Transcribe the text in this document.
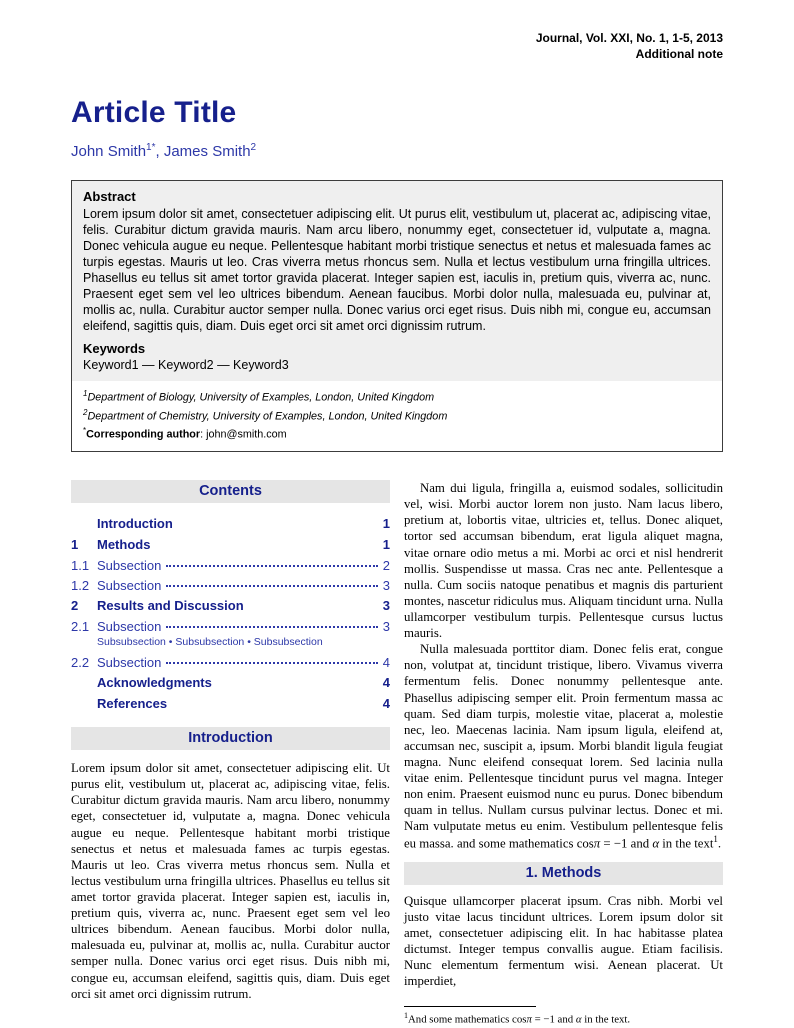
Journal, Vol. XXI, No. 1, 1-5, 2013
Additional note
Article Title
John Smith$^{1*}$, James Smith$^2$
Abstract
Lorem ipsum dolor sit amet, consectetuer adipiscing elit. Ut purus elit, vestibulum ut, placerat ac, adipiscing vitae, felis. Curabitur dictum gravida mauris. Nam arcu libero, nonummy eget, consectetuer id, vulputate a, magna. Donec vehicula augue eu neque. Pellentesque habitant morbi tristique senectus et netus et malesuada fames ac turpis egestas. Mauris ut leo. Cras viverra metus rhoncus sem. Nulla et lectus vestibulum urna fringilla ultrices. Phasellus eu tellus sit amet tortor gravida placerat. Integer sapien est, iaculis in, pretium quis, viverra ac, nunc. Praesent eget sem vel leo ultrices bibendum. Aenean faucibus. Morbi dolor nulla, malesuada eu, pulvinar at, mollis ac, nulla. Curabitur auctor semper nulla. Donec varius orci eget risus. Duis nibh mi, congue eu, accumsan eleifend, sagittis quis, diam. Duis eget orci sit amet orci dignissim rutrum.
Keywords
Keyword1 — Keyword2 — Keyword3
$^1$Department of Biology, University of Examples, London, United Kingdom
$^2$Department of Chemistry, University of Examples, London, United Kingdom
*Corresponding author: john@smith.com
Contents
Introduction	1
1	Methods	1
1.1 Subsection	2
1.2 Subsection	3
2	Results and Discussion	3
2.1 Subsection	3
Subsubsection • Subsubsection • Subsubsection
2.2 Subsection	4
Acknowledgments	4
References	4
Introduction

Lorem ipsum dolor sit amet, consectetuer adipiscing elit. Ut purus elit, vestibulum ut, placerat ac, adipiscing vitae, felis. Curabitur dictum gravida mauris. Nam arcu libero, nonummy eget, consectetuer id, vulputate a, magna. Donec vehicula augue eu neque. Pellentesque habitant morbi tristique senectus et netus et malesuada fames ac turpis egestas. Mauris ut leo. Cras viverra metus rhoncus sem. Nulla et lectus vestibulum urna fringilla ultrices. Phasellus eu tellus sit amet tortor gravida placerat. Integer sapien est, iaculis in, pretium quis, viverra ac, nunc. Praesent eget sem vel leo ultrices bibendum. Aenean faucibus. Morbi dolor nulla, malesuada eu, pulvinar at, mollis ac, nulla. Curabitur auctor semper nulla. Donec varius orci eget risus. Duis nibh mi, congue eu, accumsan eleifend, sagittis quis, diam. Duis eget orci sit amet orci dignissim rutrum.

Nam dui ligula, fringilla a, euismod sodales, sollicitudin vel, wisi. Morbi auctor lorem non justo. Nam lacus libero, pretium at, lobortis vitae, ultricies et, tellus. Donec aliquet, tortor sed accumsan bibendum, erat ligula aliquet magna, vitae ornare odio metus a mi. Morbi ac orci et nisl hendrerit mollis. Suspendisse ut massa. Cras nec ante. Pellentesque a nulla. Cum sociis natoque penatibus et magnis dis parturient montes, nascetur ridiculus mus. Aliquam tincidunt urna. Nulla ullamcorper vestibulum turpis. Pellentesque cursus luctus mauris.

Nulla malesuada porttitor diam. Donec felis erat, congue non, volutpat at, tincidunt tristique, libero. Vivamus viverra fermentum felis. Donec nonummy pellentesque ante. Phasellus adipiscing semper elit. Proin fermentum massa ac quam. Sed diam turpis, molestie vitae, placerat a, molestie nec, leo. Maecenas lacinia. Nam ipsum ligula, eleifend at, accumsan nec, suscipit a, ipsum. Morbi blandit ligula feugiat magna. Nunc eleifend consequat lorem. Sed lacinia nulla vitae enim. Pellentesque tincidunt purus vel magna. Integer non enim. Praesent euismod nunc eu purus. Donec bibendum quam in tellus. Nullam cursus pulvinar lectus. Donec et mi. Nam vulputate metus eu enim. Vestibulum pellentesque felis eu massa. and some mathematics cosπ = −1 and α in the text$^1$.

1. Methods

Quisque ullamcorper placerat ipsum. Cras nibh. Morbi vel justo vitae lacus tincidunt ultrices. Lorem ipsum dolor sit amet, consectetuer adipiscing elit. In hac habitasse platea dictumst. Integer tempus convallis augue. Etiam facilisis. Nunc elementum fermentum wisi. Aenean placerat. Ut imperdiet,

$^1$And some mathematics cosπ = −1 and α in the text.
